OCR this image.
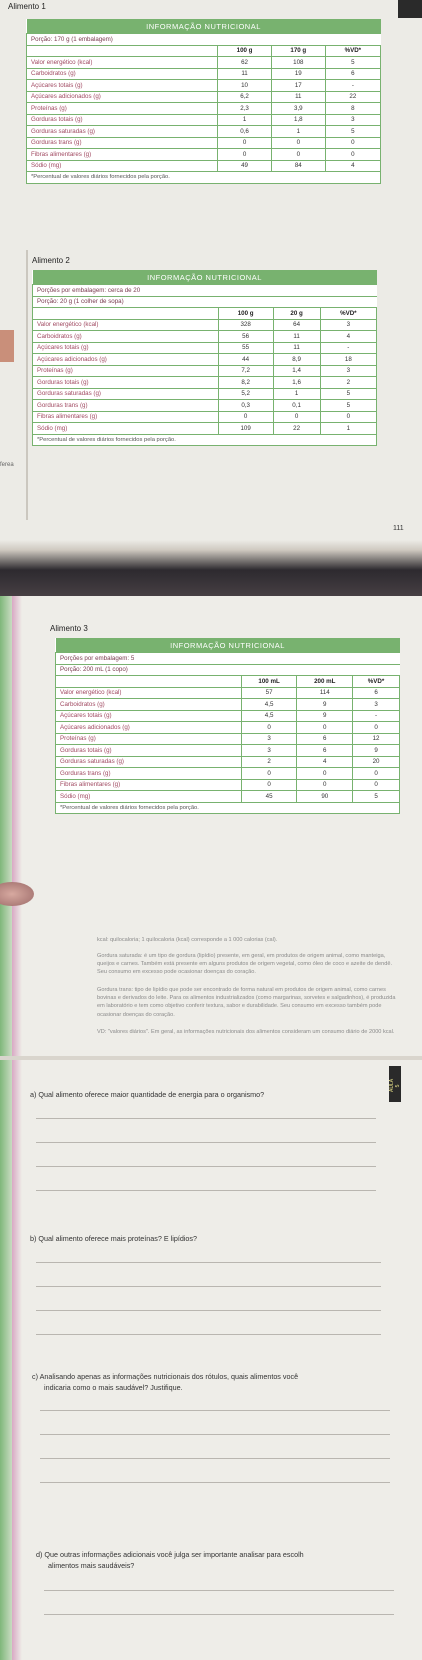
Alimento 1
Alimento 2
111
ferea
INFORMAÇÃO NUTRICIONAL			
Porção: 170 g (1 embalagem)			
	100 g	170 g	%VD*
Valor energético (kcal)	62	108	5
Carboidratos (g)	11	19	6
Açúcares totais (g)	10	17	-
Açúcares adicionados (g)	6,2	11	22
Proteínas (g)	2,3	3,9	8
Gorduras totais (g)	1	1,8	3
Gorduras saturadas (g)	0,6	1	5
Gorduras trans (g)	0	0	0
Fibras alimentares (g)	0	0	0
Sódio (mg)	49	84	4
*Percentual de valores diários fornecidos pela porção.			
INFORMAÇÃO NUTRICIONAL			
Porções por embalagem: cerca de 20			
Porção: 20 g (1 colher de sopa)			
	100 g	20 g	%VD*
Valor energético (kcal)	328	64	3
Carboidratos (g)	56	11	4
Açúcares totais (g)	55	11	-
Açúcares adicionados (g)	44	8,9	18
Proteínas (g)	7,2	1,4	3
Gorduras totais (g)	8,2	1,6	2
Gorduras saturadas (g)	5,2	1	5
Gorduras trans (g)	0,3	0,1	5
Fibras alimentares (g)	0	0	0
Sódio (mg)	109	22	1
*Percentual de valores diários fornecidos pela porção.			
Alimento 3
INFORMAÇÃO NUTRICIONAL			
Porções por embalagem: 5			
Porção: 200 mL (1 copo)			
	100 mL	200 mL	%VD*
Valor energético (kcal)	57	114	6
Carboidratos (g)	4,5	9	3
Açúcares totais (g)	4,5	9	-
Açúcares adicionados (g)	0	0	0
Proteínas (g)	3	6	12
Gorduras totais (g)	3	6	9
Gorduras saturadas (g)	2	4	20
Gorduras trans (g)	0	0	0
Fibras alimentares (g)	0	0	0
Sódio (mg)	45	90	5
*Percentual de valores diários fornecidos pela porção.			
kcal: quilocaloria; 1 quilocaloria (kcal) corresponde a 1 000 calorias (cal).
Gordura saturada: é um tipo de gordura (lipídio) presente, em geral, em produtos de origem animal, como manteiga, queijos e carnes. Também está presente em alguns produtos de origem vegetal, como óleo de coco e azeite de dendê. Seu consumo em excesso pode ocasionar doenças do coração.
Gordura trans: tipo de lipídio que pode ser encontrado de forma natural em produtos de origem animal, como carnes bovinas e derivados do leite. Para os alimentos industrializados (como margarinas, sorvetes e salgadinhos), é produzida em laboratório e tem como objetivo conferir textura, sabor e durabilidade. Seu consumo em excesso também pode ocasionar doenças do coração.
VD: "valores diários". Em geral, as informações nutricionais dos alimentos consideram um consumo diário de 2000 kcal.
AULA 5
a) Qual alimento oferece maior quantidade de energia para o organismo?
b) Qual alimento oferece mais proteínas? E lipídios?
c) Analisando apenas as informações nutricionais dos rótulos, quais alimentos você
indicaria como o mais saudável? Justifique.
d) Que outras informações adicionais você julga ser importante analisar para escolh
alimentos mais saudáveis?
